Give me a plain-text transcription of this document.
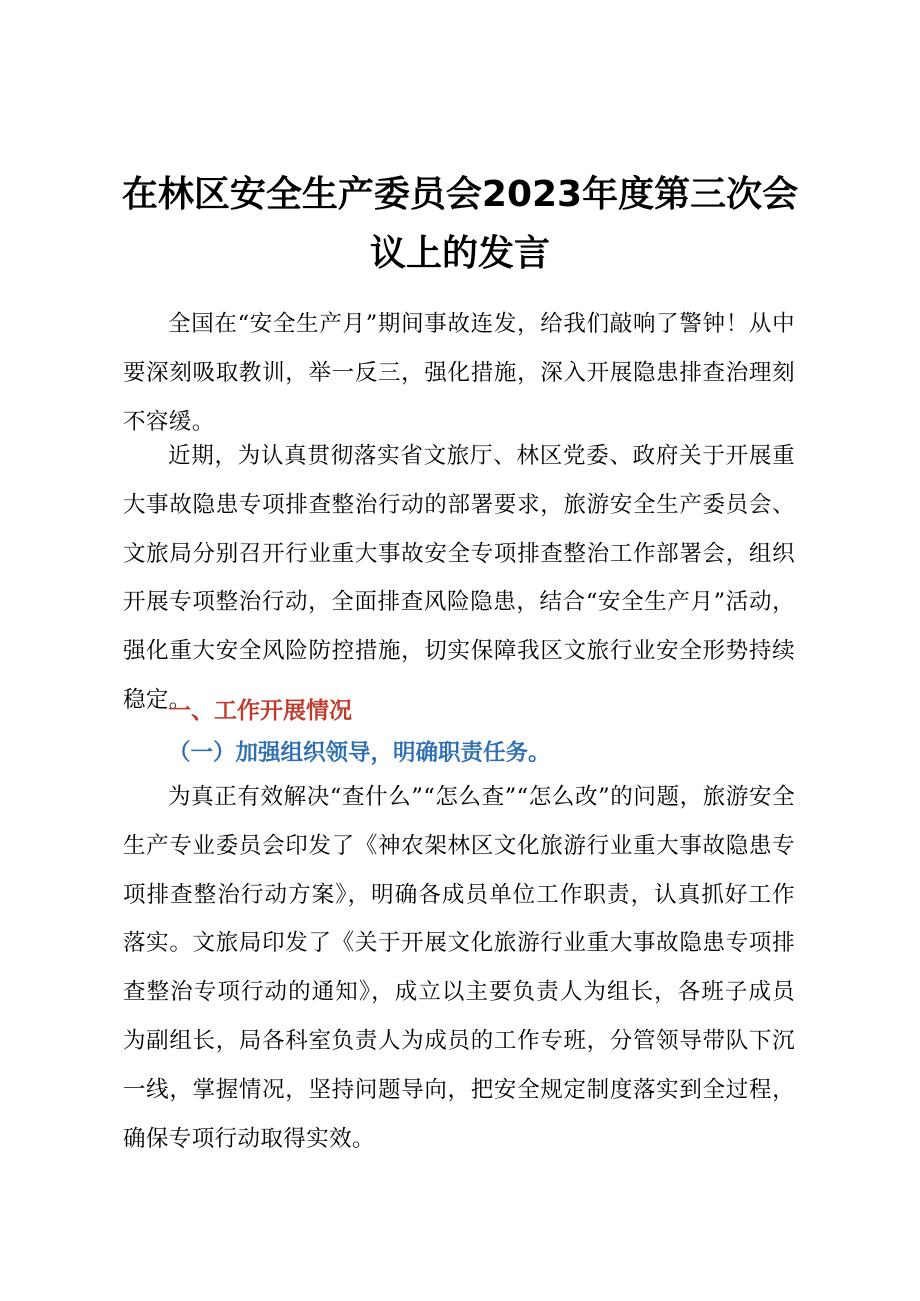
在林区安全生产委员会2023年度第三次会
议上的发言

全国在“安全生产月”期间事故连发，给我们敲响了警钟！从中要深刻吸取教训，举一反三，强化措施，深入开展隐患排查治理刻不容缓。

近期，为认真贯彻落实省文旅厅、林区党委、政府关于开展重大事故隐患专项排查整治行动的部署要求，旅游安全生产委员会、文旅局分别召开行业重大事故安全专项排查整治工作部署会，组织开展专项整治行动，全面排查风险隐患，结合“安全生产月”活动，强化重大安全风险防控措施，切实保障我区文旅行业安全形势持续稳定。

一、工作开展情况
（一）加强组织领导，明确职责任务。

为真正有效解决“查什么”“怎么查”“怎么改”的问题，旅游安全生产专业委员会印发了《神农架林区文化旅游行业重大事故隐患专项排查整治行动方案》，明确各成员单位工作职责，认真抓好工作落实。文旅局印发了《关于开展文化旅游行业重大事故隐患专项排查整治专项行动的通知》，成立以主要负责人为组长，各班子成员为副组长，局各科室负责人为成员的工作专班，分管领导带队下沉一线，掌握情况，坚持问题导向，把安全规定制度落实到全过程，确保专项行动取得实效。
